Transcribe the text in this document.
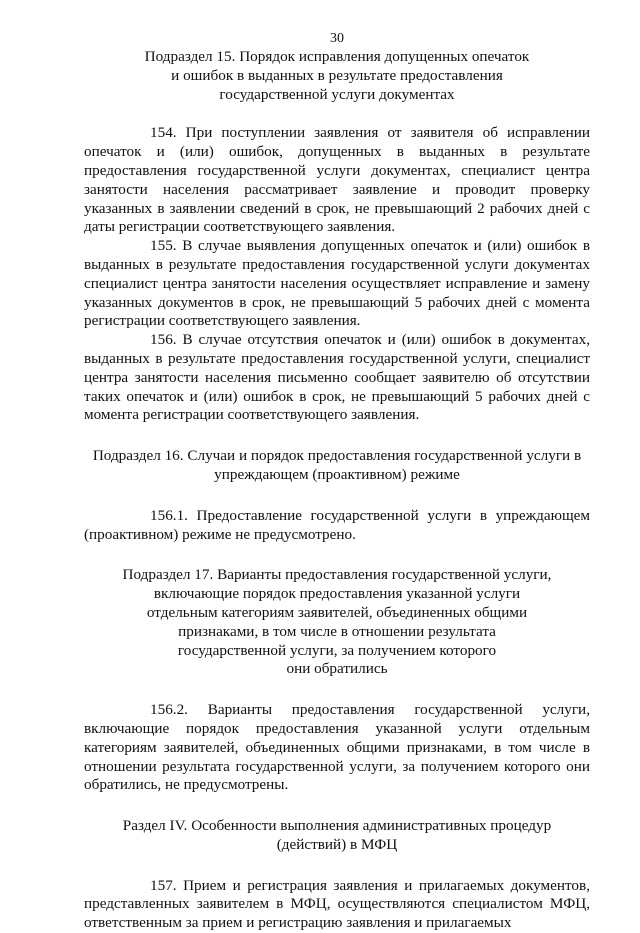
30
Подраздел 15. Порядок исправления допущенных опечаток
и ошибок в выданных в результате предоставления
государственной услуги документах

154. При поступлении заявления от заявителя об исправлении опечаток и (или) ошибок, допущенных в выданных в результате предоставления государственной услуги документах, специалист центра занятости населения рассматривает заявление и проводит проверку указанных в заявлении сведений в срок, не превышающий 2 рабочих дней с даты регистрации соответствующего заявления.

155. В случае выявления допущенных опечаток и (или) ошибок в выданных в результате предоставления государственной услуги документах специалист центра занятости населения осуществляет исправление и замену указанных документов в срок, не превышающий 5 рабочих дней с момента регистрации соответствующего заявления.

156. В случае отсутствия опечаток и (или) ошибок в документах, выданных в результате предоставления государственной услуги, специалист центра занятости населения письменно сообщает заявителю об отсутствии таких опечаток и (или) ошибок в срок, не превышающий 5 рабочих дней с момента регистрации соответствующего заявления.

Подраздел 16. Случаи и порядок предоставления государственной услуги в
упреждающем (проактивном) режиме

156.1. Предоставление государственной услуги в упреждающем (проактивном) режиме не предусмотрено.

Подраздел 17. Варианты предоставления государственной услуги,
включающие порядок предоставления указанной услуги
отдельным категориям заявителей, объединенных общими
признаками, в том числе в отношении результата
государственной услуги, за получением которого
они обратились

156.2. Варианты предоставления государственной услуги, включающие порядок предоставления указанной услуги отдельным категориям заявителей, объединенных общими признаками, в том числе в отношении результата государственной услуги, за получением которого они обратились, не предусмотрены.

Раздел IV. Особенности выполнения административных процедур
(действий) в МФЦ

157. Прием и регистрация заявления и прилагаемых документов, представленных заявителем в МФЦ, осуществляются специалистом МФЦ, ответственным за прием и регистрацию заявления и прилагаемых
